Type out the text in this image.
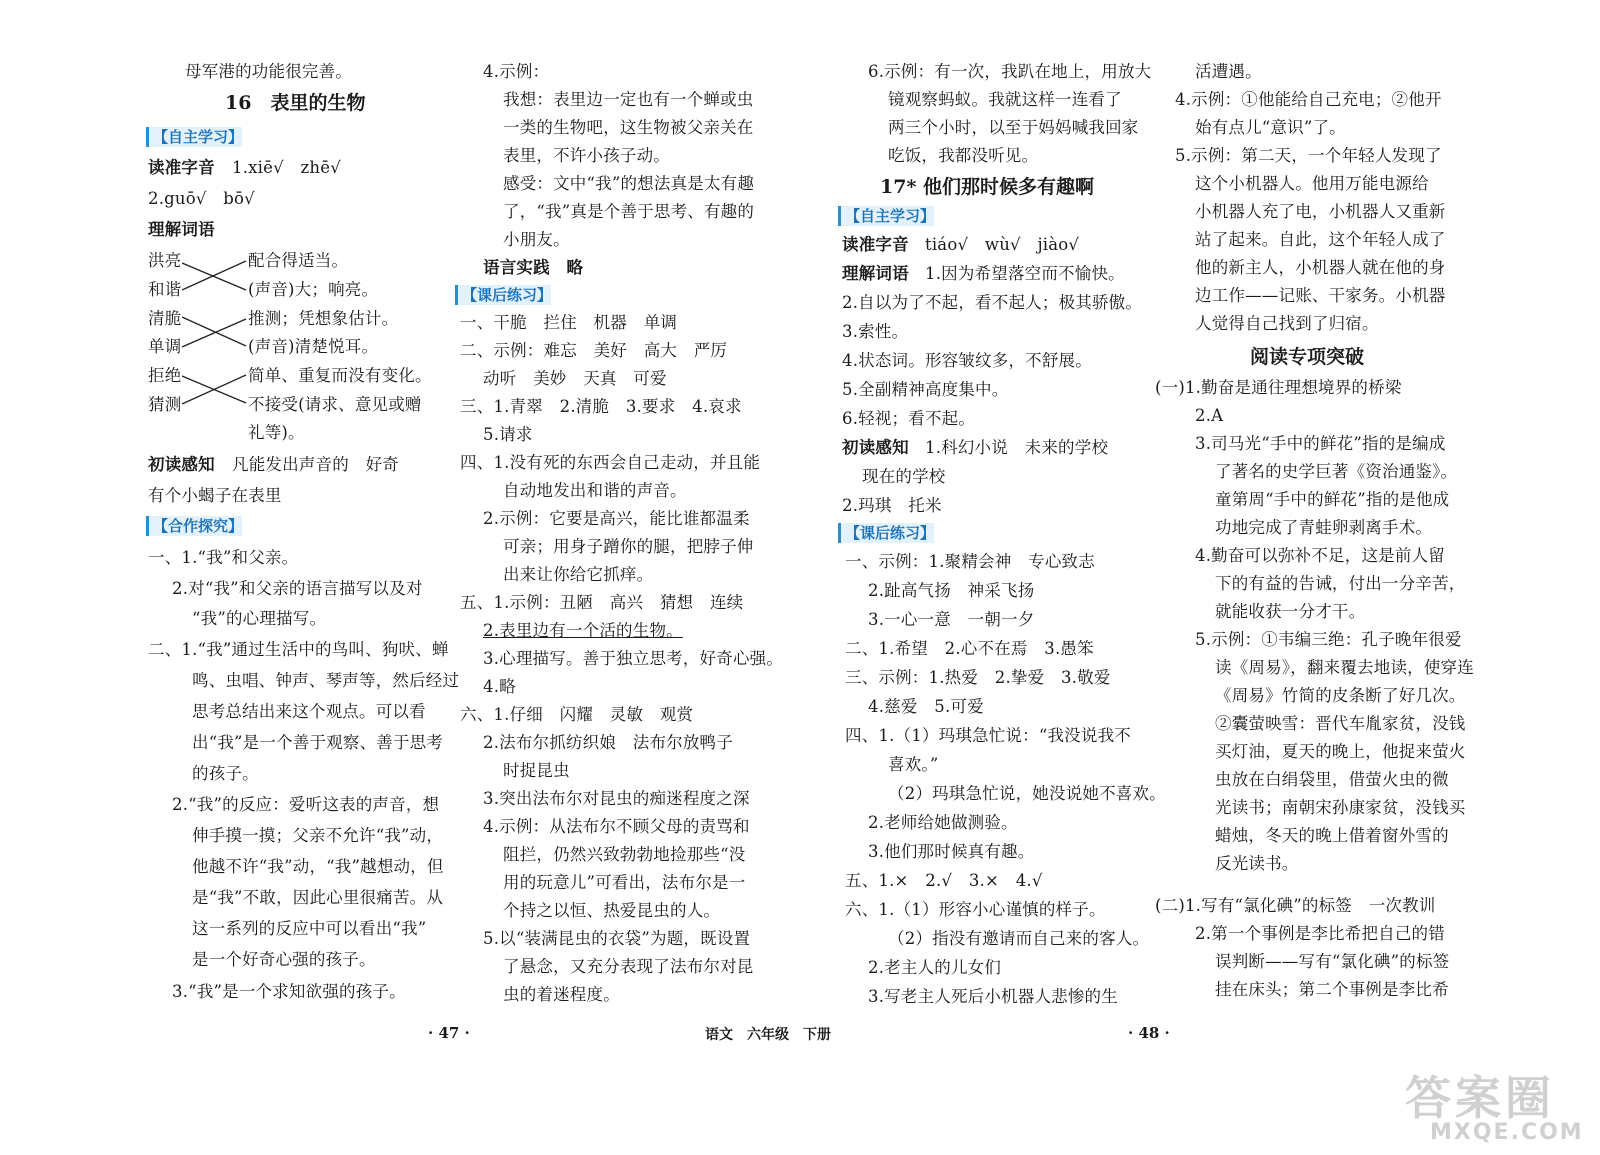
母军港的功能很完善。
16　表里的生物
【自主学习】
读准字音 1.xiē√　zhē√
2.guō√　bō√
理解词语
洪亮
和谐
清脆
单调
拒绝
猜测
配合得适当。
(声音)大；响亮。
推测；凭想象估计。
(声音)清楚悦耳。
简单、重复而没有变化。
不接受(请求、意见或赠
礼等)。
初读感知 凡能发出声音的　好奇
有个小蝎子在表里
【合作探究】
一、1.“我”和父亲。
2.对“我”和父亲的语言描写以及对
“我”的心理描写。
二、1.“我”通过生活中的鸟叫、狗吠、蝉
鸣、虫唱、钟声、琴声等，然后经过
思考总结出来这个观点。可以看
出“我”是一个善于观察、善于思考
的孩子。
2.“我”的反应：爱听这表的声音，想
伸手摸一摸；父亲不允许“我”动，
他越不许“我”动，“我”越想动，但
是“我”不敢，因此心里很痛苦。从
这一系列的反应中可以看出“我”
是一个好奇心强的孩子。
3.“我”是一个求知欲强的孩子。
4.示例：
我想：表里边一定也有一个蝉或虫
一类的生物吧，这生物被父亲关在
表里，不许小孩子动。
感受：文中“我”的想法真是太有趣
了，“我”真是个善于思考、有趣的
小朋友。
语言实践　略
【课后练习】
一、干脆　拦住　机器　单调
二、示例：难忘　美好　高大　严厉
动听　美妙　天真　可爱
三、1.青翠　2.清脆　3.要求　4.哀求
5.请求
四、1.没有死的东西会自己走动，并且能
自动地发出和谐的声音。
2.示例：它要是高兴，能比谁都温柔
可亲；用身子蹭你的腿，把脖子伸
出来让你给它抓痒。
五、1.示例：丑陋　高兴　猜想　连续
2.表里边有一个活的生物。
3.心理描写。善于独立思考，好奇心强。
4.略
六、1.仔细　闪耀　灵敏　观赏
2.法布尔抓纺织娘　法布尔放鸭子
时捉昆虫
3.突出法布尔对昆虫的痴迷程度之深
4.示例：从法布尔不顾父母的责骂和
阻拦，仍然兴致勃勃地捡那些“没
用的玩意儿”可看出，法布尔是一
个持之以恒、热爱昆虫的人。
5.以“装满昆虫的衣袋”为题，既设置
了悬念，又充分表现了法布尔对昆
虫的着迷程度。
6.示例：有一次，我趴在地上，用放大
镜观察蚂蚁。我就这样一连看了
两三个小时，以至于妈妈喊我回家
吃饭，我都没听见。
17* 他们那时候多有趣啊
【自主学习】
读准字音 tiáo√　wù√　jiào√
理解词语 1.因为希望落空而不愉快。
2.自以为了不起，看不起人；极其骄傲。
3.索性。
4.状态词。形容皱纹多，不舒展。
5.全副精神高度集中。
6.轻视；看不起。
初读感知 1.科幻小说　未来的学校
现在的学校
2.玛琪　托米
【课后练习】
一、示例：1.聚精会神　专心致志
2.趾高气扬　神采飞扬
3.一心一意　一朝一夕
二、1.希望　2.心不在焉　3.愚笨
三、示例：1.热爱　2.挚爱　3.敬爱
4.慈爱　5.可爱
四、1.（1）玛琪急忙说：“我没说我不
喜欢。”
（2）玛琪急忙说，她没说她不喜欢。
2.老师给她做测验。
3.他们那时候真有趣。
五、1.×　2.√　3.×　4.√
六、1.（1）形容小心谨慎的样子。
（2）指没有邀请而自己来的客人。
2.老主人的儿女们
3.写老主人死后小机器人悲惨的生
活遭遇。
4.示例：①他能给自己充电；②他开
始有点儿“意识”了。
5.示例：第二天，一个年轻人发现了
这个小机器人。他用万能电源给
小机器人充了电，小机器人又重新
站了起来。自此，这个年轻人成了
他的新主人，小机器人就在他的身
边工作——记账、干家务。小机器
人觉得自己找到了归宿。
阅读专项突破
(一)1.勤奋是通往理想境界的桥梁
2.A
3.司马光“手中的鲜花”指的是编成
了著名的史学巨著《资治通鉴》。
童第周“手中的鲜花”指的是他成
功地完成了青蛙卵剥离手术。
4.勤奋可以弥补不足，这是前人留
下的有益的告诫，付出一分辛苦，
就能收获一分才干。
5.示例：①韦编三绝：孔子晚年很爱
读《周易》，翻来覆去地读，使穿连
《周易》竹简的皮条断了好几次。
②囊萤映雪：晋代车胤家贫，没钱
买灯油，夏天的晚上，他捉来萤火
虫放在白绢袋里，借萤火虫的微
光读书；南朝宋孙康家贫，没钱买
蜡烛，冬天的晚上借着窗外雪的
反光读书。
(二)1.写有“氯化碘”的标签　一次教训
2.第一个事例是李比希把自己的错
误判断——写有“氯化碘”的标签
挂在床头；第二个事例是李比希
· 47 ·	语文　六年级　下册	· 48 ·
答案圈
MXQE.COM
